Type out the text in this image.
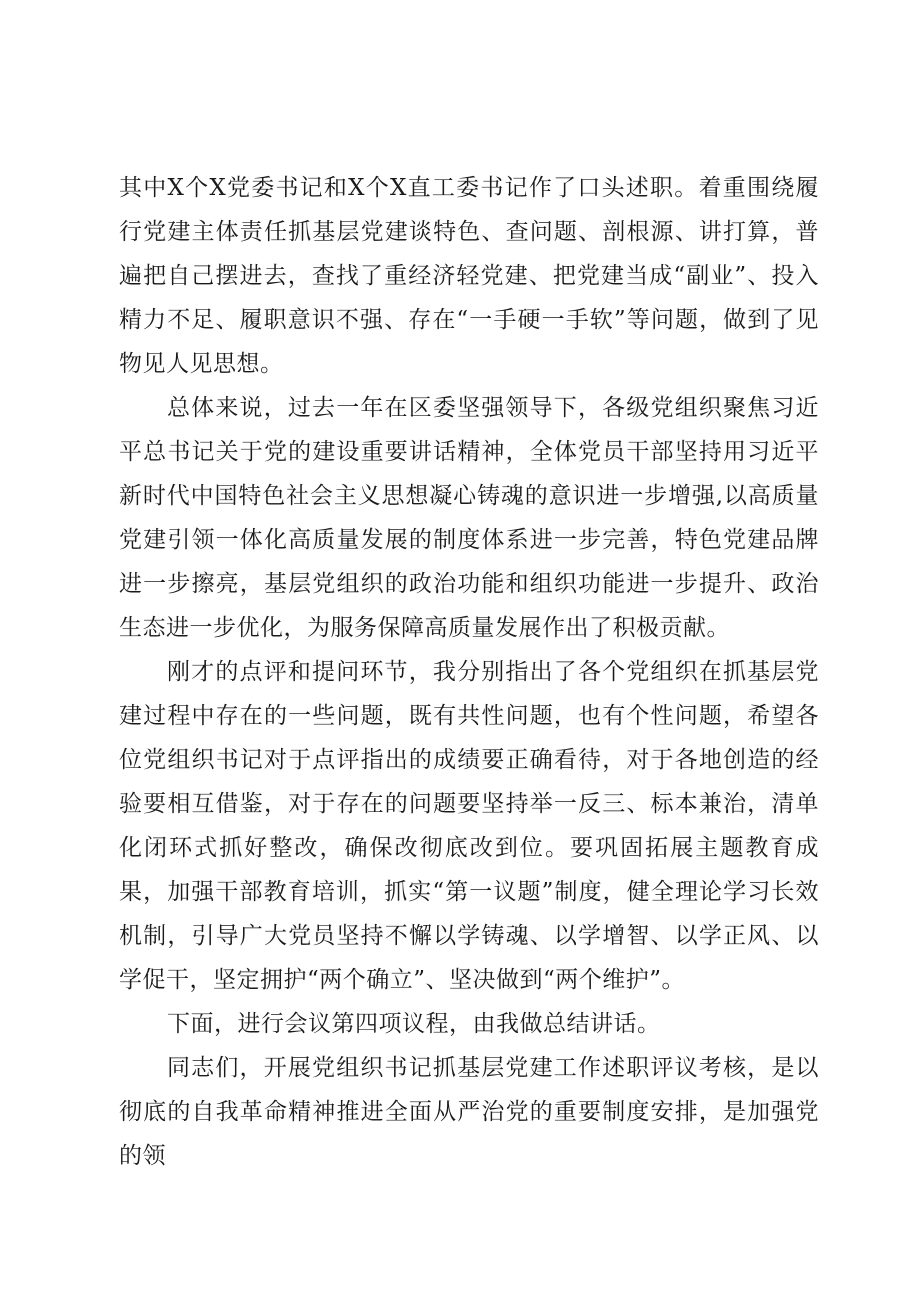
其中X个X党委书记和X个X直工委书记作了口头述职。着重围绕履行党建主体责任抓基层党建谈特色、查问题、剖根源、讲打算，普遍把自己摆进去，查找了重经济轻党建、把党建当成“副业”、投入精力不足、履职意识不强、存在“一手硬一手软”等问题，做到了见物见人见思想。

总体来说，过去一年在区委坚强领导下，各级党组织聚焦习近平总书记关于党的建设重要讲话精神，全体党员干部坚持用习近平新时代中国特色社会主义思想凝心铸魂的意识进一步增强,以高质量党建引领一体化高质量发展的制度体系进一步完善，特色党建品牌进一步擦亮，基层党组织的政治功能和组织功能进一步提升、政治生态进一步优化，为服务保障高质量发展作出了积极贡献。

刚才的点评和提问环节，我分别指出了各个党组织在抓基层党建过程中存在的一些问题，既有共性问题，也有个性问题，希望各位党组织书记对于点评指出的成绩要正确看待，对于各地创造的经验要相互借鉴，对于存在的问题要坚持举一反三、标本兼治，清单化闭环式抓好整改，确保改彻底改到位。要巩固拓展主题教育成果，加强干部教育培训，抓实“第一议题”制度，健全理论学习长效机制，引导广大党员坚持不懈以学铸魂、以学增智、以学正风、以学促干，坚定拥护“两个确立”、坚决做到“两个维护”。

下面，进行会议第四项议程，由我做总结讲话。

同志们，开展党组织书记抓基层党建工作述职评议考核，是以彻底的自我革命精神推进全面从严治党的重要制度安排，是加强党的领
